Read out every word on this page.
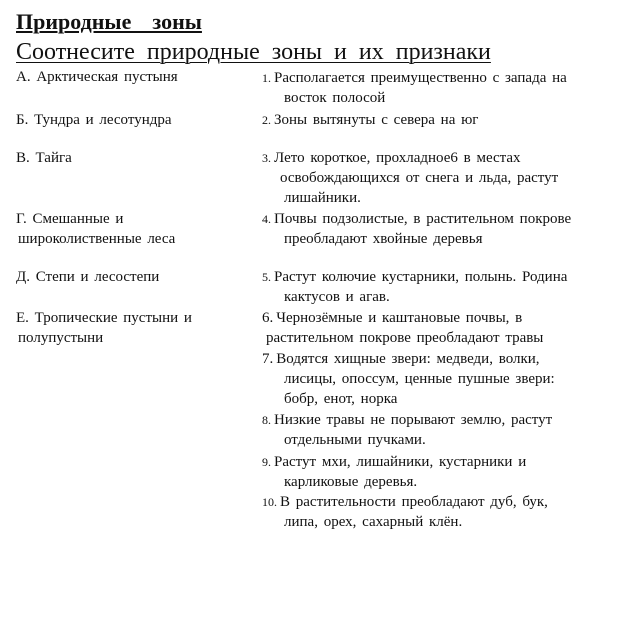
Природные  зоны
Соотнесите природные зоны и их признаки
А. Арктическая пустыня
Б. Тундра и лесотундра
В. Тайга
Г. Смешанные и
широколиственные леса
Д. Степи и лесостепи
Е. Тропические пустыни и
полупустыни
1. Располагается преимущественно с запада на
восток полосой
2. Зоны вытянуты с севера на юг
3. Лето короткое, прохладное6 в местах
освобождающихся от снега и льда, растут
лишайники.
4. Почвы подзолистые, в растительном покрове
преобладают хвойные деревья
5. Растут колючие кустарники, полынь. Родина
кактусов и агав.
6. Чернозёмные и каштановые почвы, в
растительном покрове преобладают травы
7. Водятся хищные звери: медведи, волки,
лисицы, опоссум, ценные пушные звери:
бобр, енот, норка
8. Низкие травы не порывают землю, растут
отдельными пучками.
9. Растут мхи, лишайники, кустарники и
карликовые деревья.
10. В растительности преобладают дуб, бук,
липа, орех, сахарный клён.
